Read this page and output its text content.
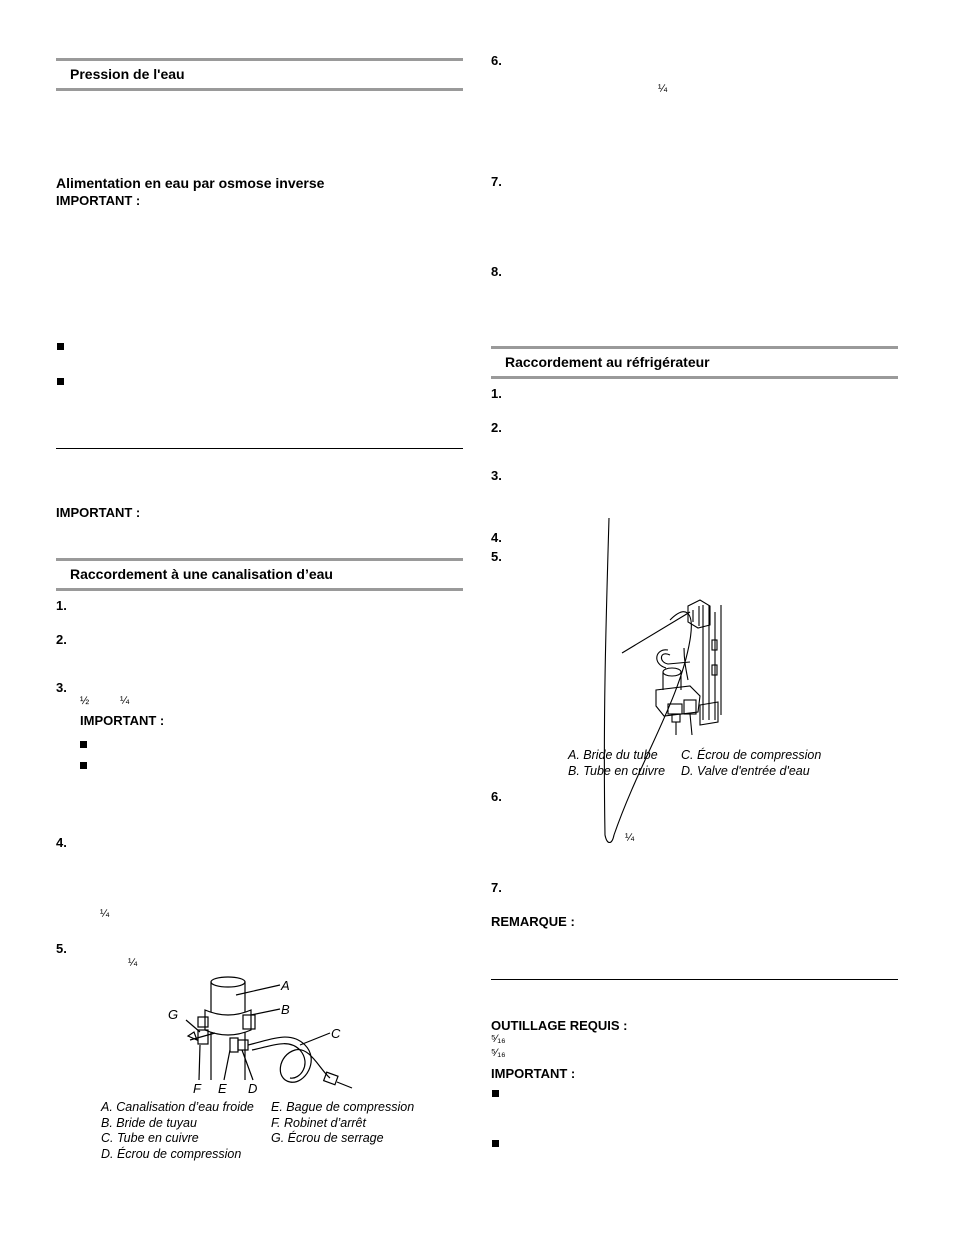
Pression de l'eau
Alimentation en eau par osmose inverse
IMPORTANT :
IMPORTANT :
Raccordement à une canalisation d’eau
1.
2.
3.
½	¼
IMPORTANT :
4.
¼
5.
¼
A
B
C
G
F E D
A. Canalisation d’eau froide
B. Bride de tuyau
C. Tube en cuivre
D. Écrou de compression
E. Bague de compression
F. Robinet d’arrêt
G. Écrou de serrage
6.
¼
7.
8.
Raccordement au réfrigérateur
1.
2.
3.
4.
5.
A. Bride du tube
B. Tube en cuivre
C. Écrou de compression
D. Valve d'entrée d'eau
6.
¼
7.
REMARQUE :
OUTILLAGE REQUIS :
⁵⁄₁₆
⁵⁄₁₆
IMPORTANT :
